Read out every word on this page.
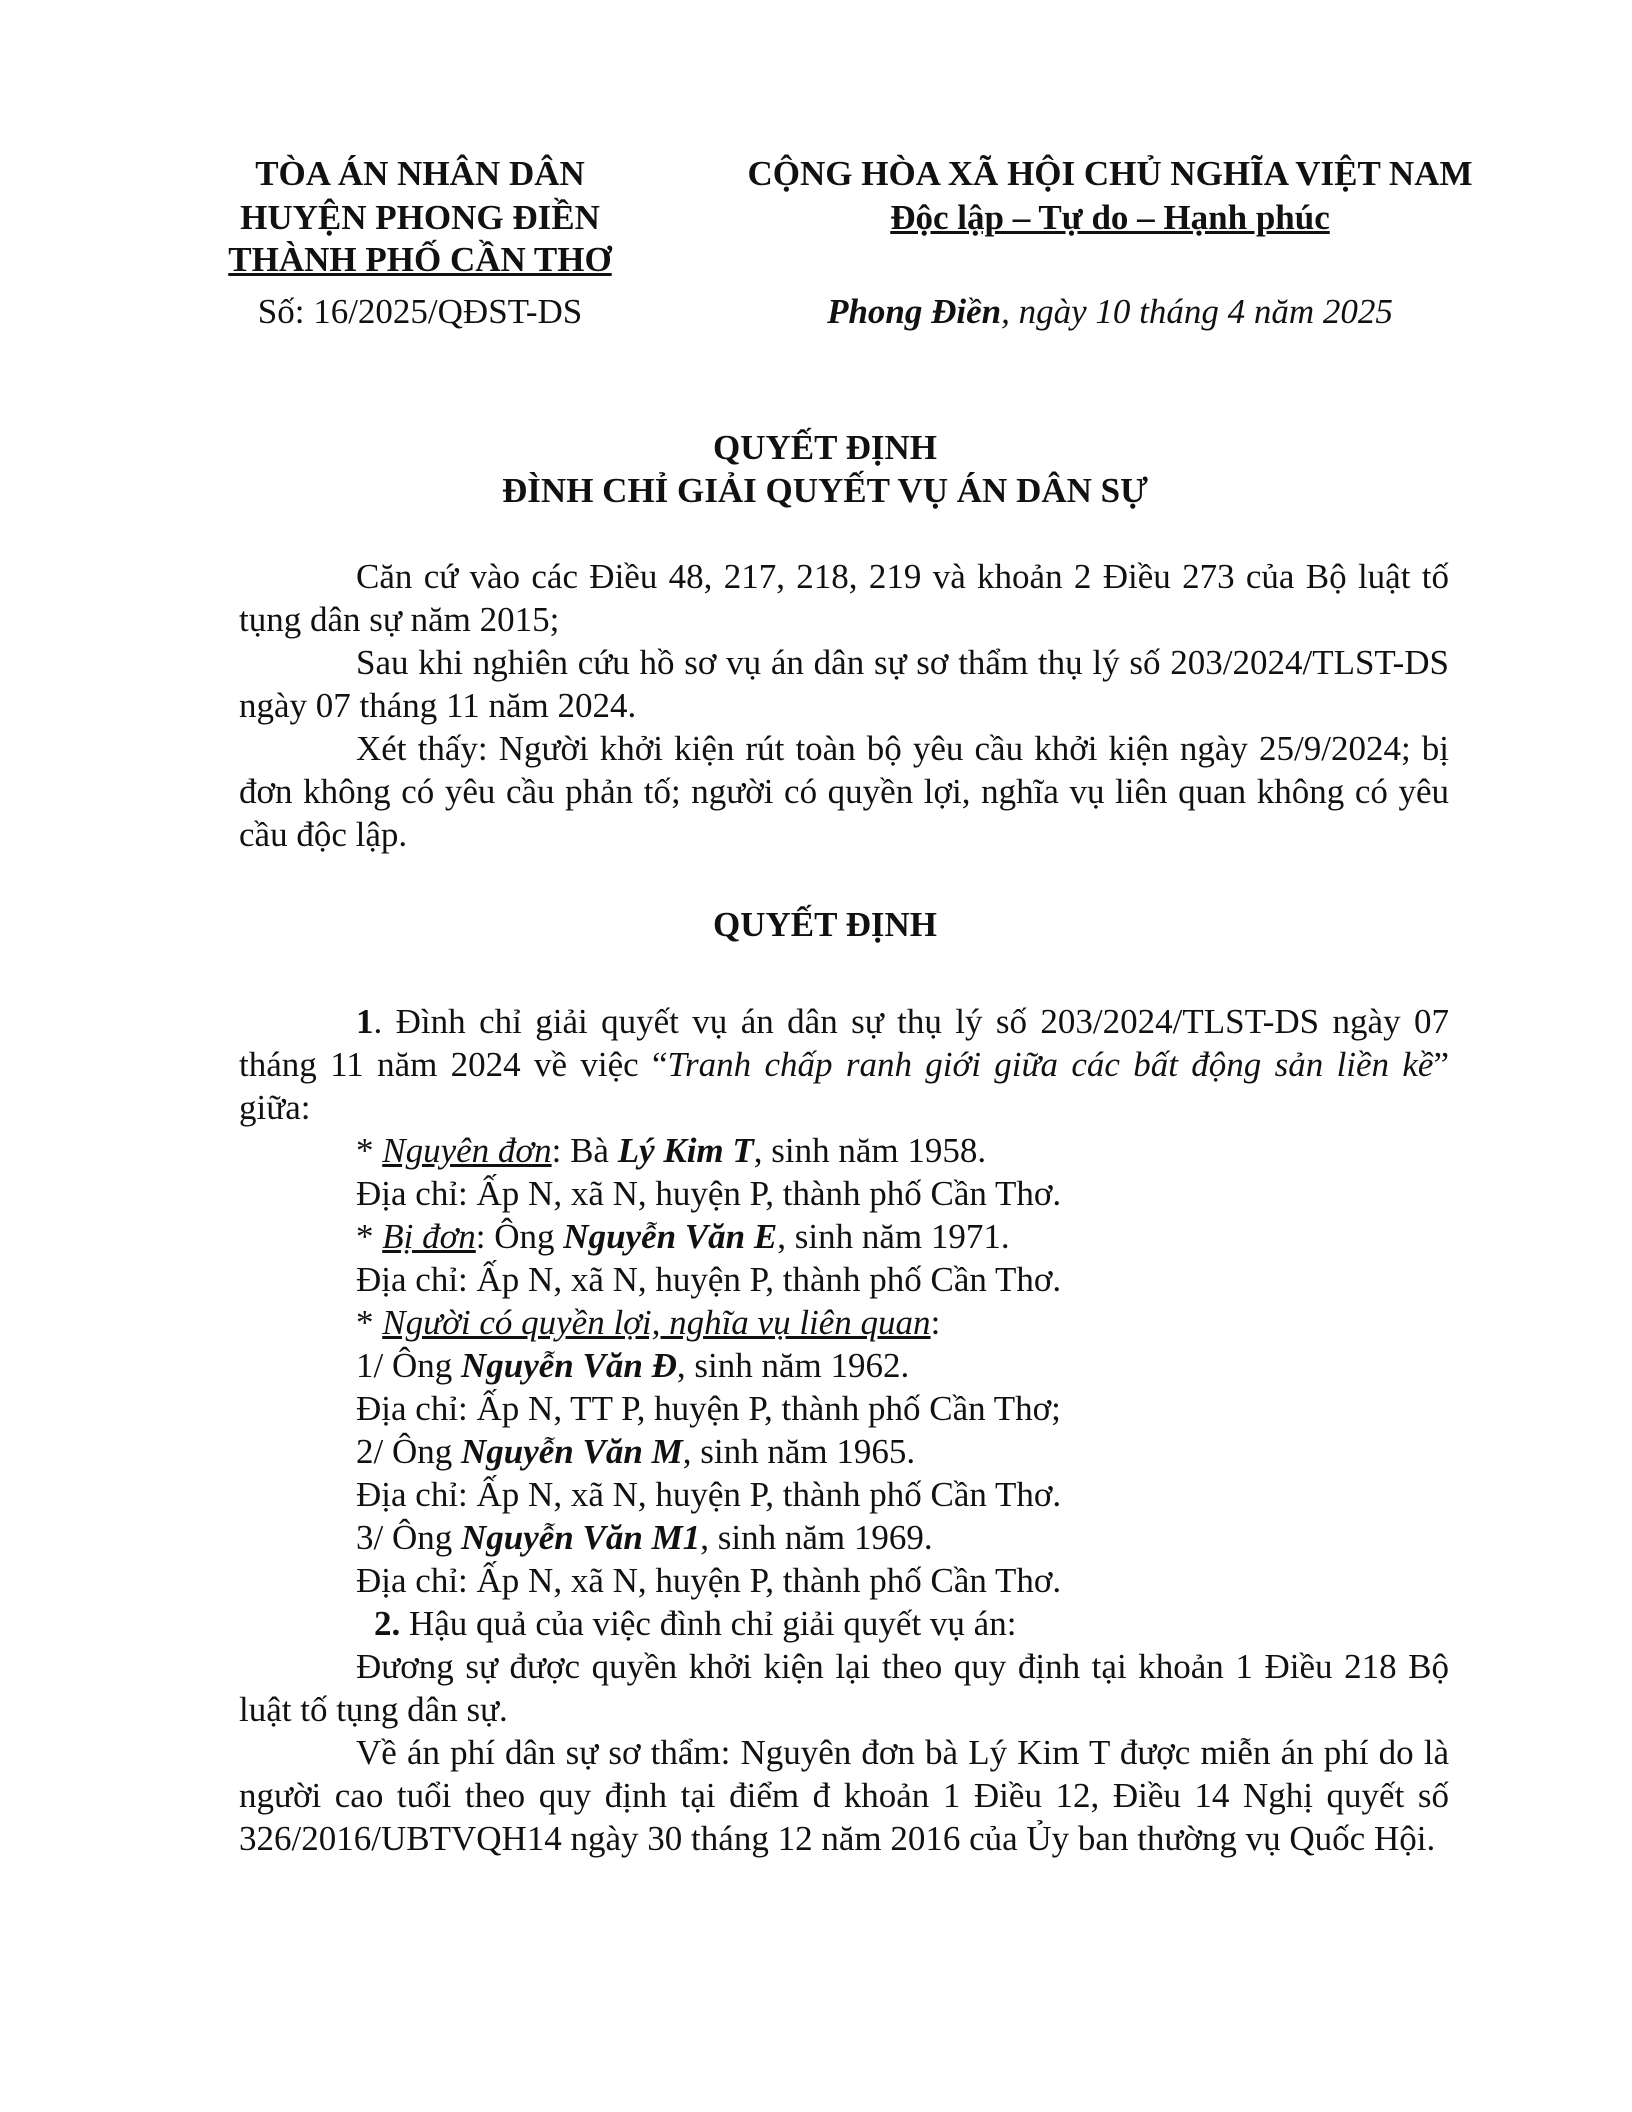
TÒA ÁN NHÂN DÂN
HUYỆN PHONG ĐIỀN
THÀNH PHỐ CẦN THƠ
Số: 16/2025/QĐST-DS
CỘNG HÒA XÃ HỘI CHỦ NGHĨA VIỆT NAM
Độc lập – Tự do – Hạnh phúc
Phong Điền, ngày 10 tháng 4 năm 2025
QUYẾT ĐỊNH
ĐÌNH CHỈ GIẢI QUYẾT VỤ ÁN DÂN SỰ
Căn cứ vào các Điều 48, 217, 218, 219 và khoản 2 Điều 273 của Bộ luật tố tụng dân sự năm 2015;
Sau khi nghiên cứu hồ sơ vụ án dân sự sơ thẩm thụ lý số 203/2024/TLST-DS ngày 07 tháng 11 năm 2024.
Xét thấy: Người khởi kiện rút toàn bộ yêu cầu khởi kiện ngày 25/9/2024; bị đơn không có yêu cầu phản tố; người có quyền lợi, nghĩa vụ liên quan không có yêu cầu độc lập.
QUYẾT ĐỊNH
1. Đình chỉ giải quyết vụ án dân sự thụ lý số 203/2024/TLST-DS ngày 07 tháng 11 năm 2024 về việc “Tranh chấp ranh giới giữa các bất động sản liền kề” giữa:
* Nguyên đơn: Bà Lý Kim T, sinh năm 1958.
Địa chỉ: Ấp N, xã N, huyện P, thành phố Cần Thơ.
* Bị đơn: Ông Nguyễn Văn E, sinh năm 1971.
Địa chỉ: Ấp N, xã N, huyện P, thành phố Cần Thơ.
* Người có quyền lợi, nghĩa vụ liên quan:
1/ Ông Nguyễn Văn Đ, sinh năm 1962.
Địa chỉ: Ấp N, TT P, huyện P, thành phố Cần Thơ;
2/ Ông Nguyễn Văn M, sinh năm 1965.
Địa chỉ: Ấp N, xã N, huyện P, thành phố Cần Thơ.
3/ Ông Nguyễn Văn M1, sinh năm 1969.
Địa chỉ: Ấp N, xã N, huyện P, thành phố Cần Thơ.
2. Hậu quả của việc đình chỉ giải quyết vụ án:
Đương sự được quyền khởi kiện lại theo quy định tại khoản 1 Điều 218 Bộ luật tố tụng dân sự.
Về án phí dân sự sơ thẩm: Nguyên đơn bà Lý Kim T được miễn án phí do là người cao tuổi theo quy định tại điểm đ khoản 1 Điều 12, Điều 14 Nghị quyết số 326/2016/UBTVQH14 ngày 30 tháng 12 năm 2016 của Ủy ban thường vụ Quốc Hội.
